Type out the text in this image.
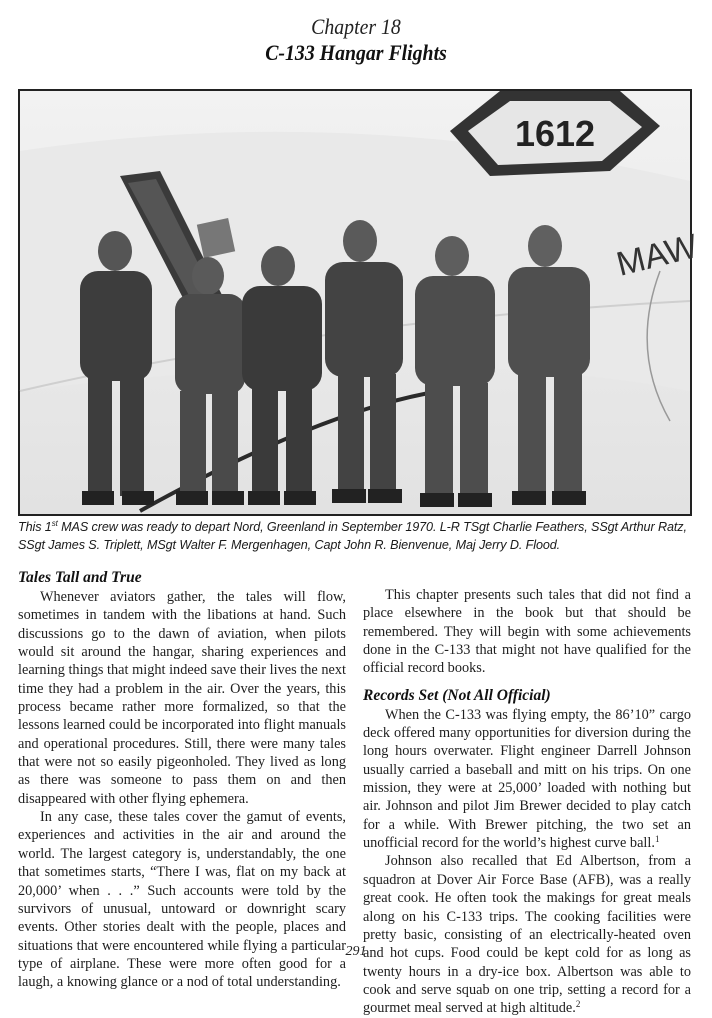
Chapter 18
C-133 Hangar Flights
1612
MAW
This 1st MAS crew was ready to depart Nord, Greenland in September 1970. L-R TSgt Charlie Feathers, SSgt Arthur Ratz, SSgt James S. Triplett, MSgt Walter F. Mergenhagen, Capt John R. Bienvenue, Maj Jerry D. Flood.
Tales Tall and True

Whenever aviators gather, the tales will flow, sometimes in tandem with the libations at hand. Such discussions go to the dawn of aviation, when pilots would sit around the hangar, sharing experiences and learning things that might indeed save their lives the next time they had a problem in the air. Over the years, this process became rather more formalized, so that the lessons learned could be incorporated into flight manuals and operational procedures. Still, there were many tales that were not so easily pigeonholed. They lived as long as there was someone to pass them on and then disappeared with other flying ephemera.

In any case, these tales cover the gamut of events, experiences and activities in the air and around the world. The largest category is, understandably, the one that sometimes starts, “There I was, flat on my back at 20,000’ when . . .” Such accounts were told by the survivors of unusual, untoward or downright scary events. Other stories dealt with the people, places and situations that were encountered while flying a particular type of airplane. These were more often good for a laugh, a knowing glance or a nod of total understanding.

This chapter presents such tales that did not find a place elsewhere in the book but that should be remembered. They will begin with some achievements done in the C-133 that might not have qualified for the official record books.

Records Set (Not All Official)

When the C-133 was flying empty, the 86’10” cargo deck offered many opportunities for diversion during the long hours overwater. Flight engineer Darrell Johnson usually carried a baseball and mitt on his trips. On one mission, they were at 25,000’ loaded with nothing but air. Johnson and pilot Jim Brewer decided to play catch for a while. With Brewer pitching, the two set an unofficial record for the world’s highest curve ball.$^1$

Johnson also recalled that Ed Albertson, from a squadron at Dover Air Force Base (AFB), was a really great cook. He often took the makings for great meals along on his C-133 trips. The cooking facilities were pretty basic, consisting of an electrically-heated oven and hot cups. Food could be kept cold for as long as twenty hours in a dry-ice box. Albertson was able to cook and serve squab on one trip, setting a record for a gourmet meal served at high altitude.$^2$

291
